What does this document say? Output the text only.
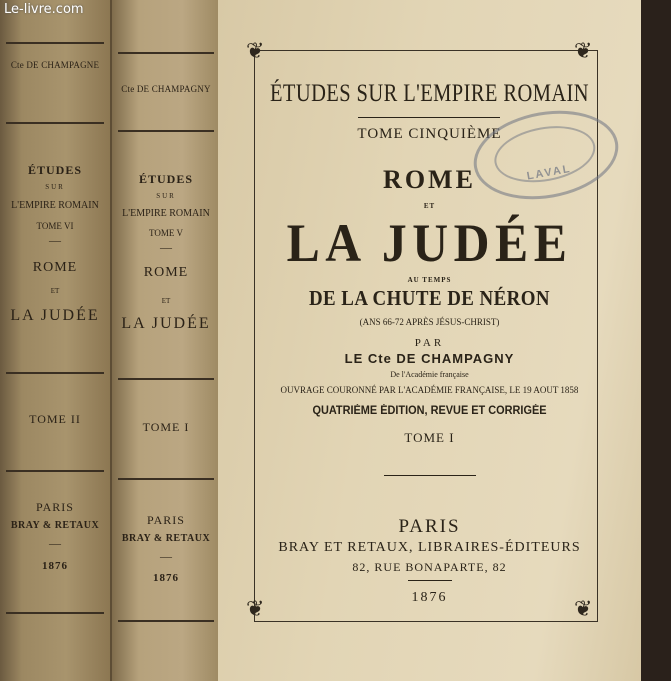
Le-livre.com
Cte DE CHAMPAGNE
ÉTUDES
SUR
L'EMPIRE ROMAIN
TOME VI
—
ROME
ET
LA JUDÉE
TOME II
PARIS
BRAY & RETAUX
—
1876
Cte DE CHAMPAGNY
ÉTUDES
SUR
L'EMPIRE ROMAIN
TOME V
—
ROME
ET
LA JUDÉE
TOME I
PARIS
BRAY & RETAUX
—
1876
❦	❦
❦	❦
ÉTUDES SUR L'EMPIRE ROMAIN
TOME CINQUIÈME
ROME
ET
LA JUDÉE
AU TEMPS
DE LA CHUTE DE NÉRON
(ANS 66-72 APRÈS JÉSUS-CHRIST)
PAR
LE Cte DE CHAMPAGNY
De l'Académie française
OUVRAGE COURONNÉ PAR L'ACADÉMIE FRANÇAISE, LE 19 AOUT 1858
QUATRIÈME ÉDITION, REVUE ET CORRIGÉE
TOME I
PARIS
BRAY ET RETAUX, LIBRAIRES-ÉDITEURS
82, RUE BONAPARTE, 82
1876
LAVAL
